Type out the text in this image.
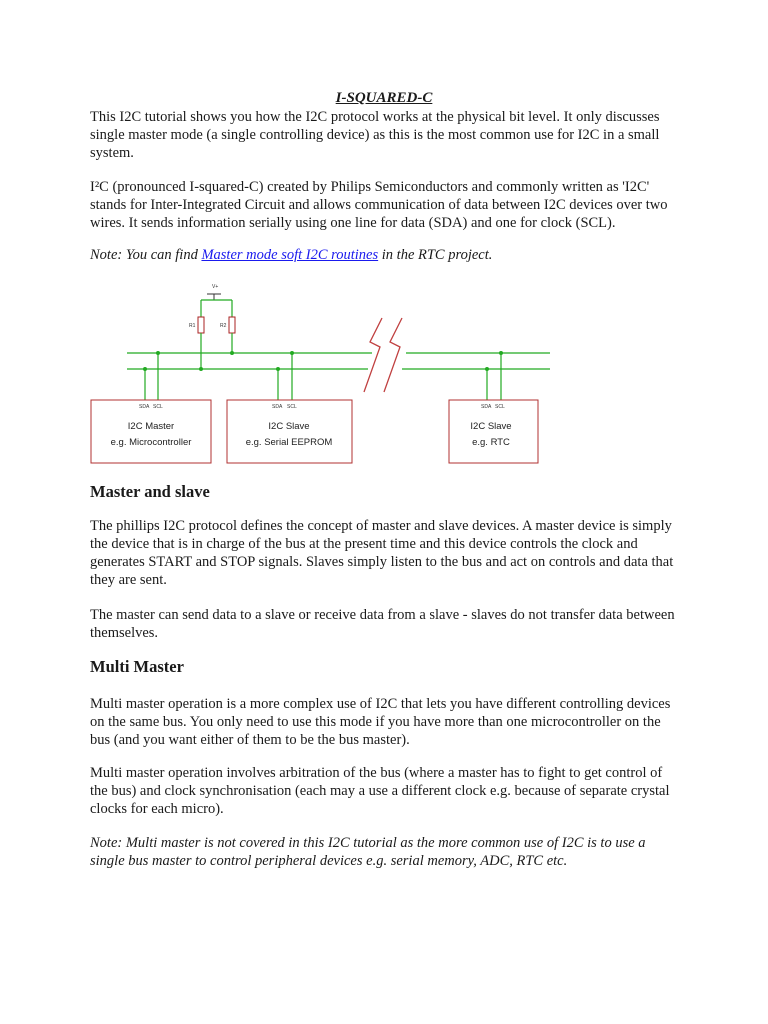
I-SQUARED-C

This I2C tutorial shows you how the I2C protocol works at the physical bit level. It only discusses single master mode (a single controlling device) as this is the most common use for I2C in a small system.

I²C (pronounced I-squared-C) created by Philips Semiconductors and commonly written as 'I2C' stands for Inter-Integrated Circuit and allows communication of data between I2C devices over two wires. It sends information serially using one line for data (SDA) and one for clock (SCL).

Note: You can find Master mode soft I2C routines in the RTC project.

V+
R1	R2
SDA SCL
I2C Master
e.g. Microcontroller
SDA SCL
I2C Slave
e.g. Serial EEPROM
SDA SCL
I2C Slave
e.g. RTC
Master and slave

The phillips I2C protocol defines the concept of master and slave devices. A master device is simply the device that is in charge of the bus at the present time and this device controls the clock and generates START and STOP signals. Slaves simply listen to the bus and act on controls and data that they are sent.

The master can send data to a slave or receive data from a slave - slaves do not transfer data between themselves.

Multi Master

Multi master operation is a more complex use of I2C that lets you have different controlling devices on the same bus. You only need to use this mode if you have more than one microcontroller on the bus (and you want either of them to be the bus master).

Multi master operation involves arbitration of the bus (where a master has to fight to get control of the bus) and clock synchronisation (each may a use a different clock e.g. because of separate crystal clocks for each micro).

Note: Multi master is not covered in this I2C tutorial as the more common use of I2C is to use a single bus master to control peripheral devices e.g. serial memory, ADC, RTC etc.
